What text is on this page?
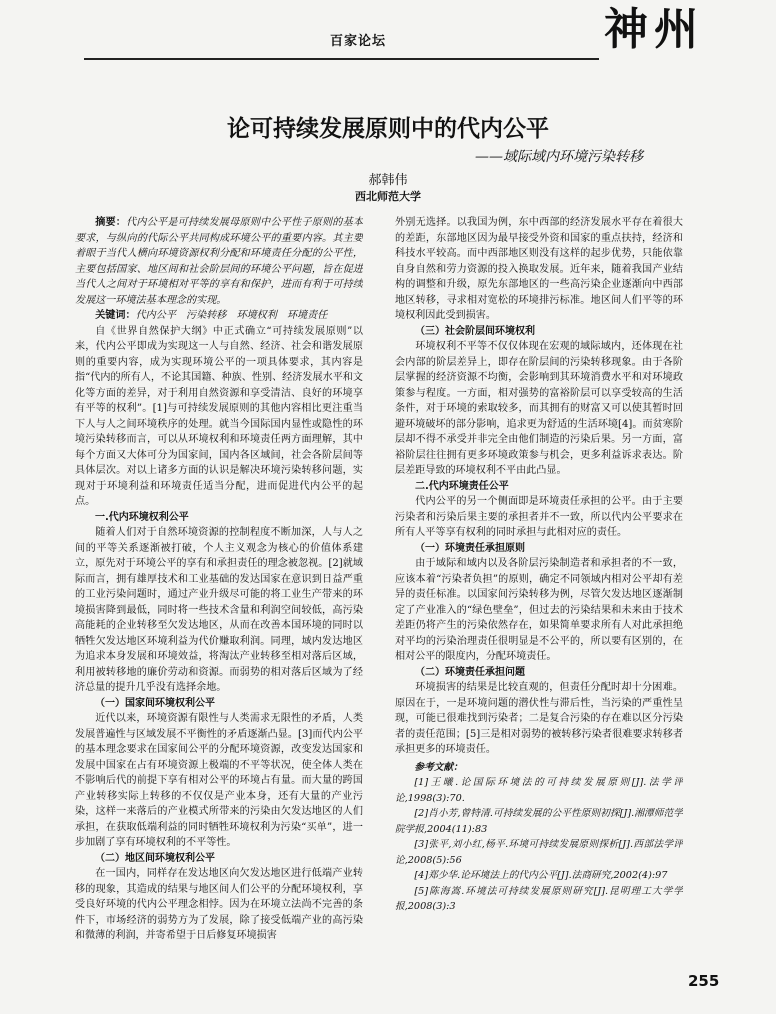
百家论坛	神州
论可持续发展原则中的代内公平
——域际域内环境污染转移
郝韩伟
西北师范大学

摘要：代内公平是可持续发展母原则中公平性子原则的基本要求，与纵向的代际公平共同构成环境公平的重要内容。其主要着眼于当代人横向环境资源权利分配和环境责任分配的公平性，主要包括国家、地区间和社会阶层间的环境公平问题，旨在促进当代人之间对于环境相对平等的享有和保护，进而有利于可持续发展这一环境法基本理念的实现。

关键词：代内公平　污染转移　环境权利　环境责任

自《世界自然保护大纲》中正式确立“可持续发展原则”以来，代内公平即成为实现这一人与自然、经济、社会和谐发展原则的重要内容，成为实现环境公平的一项具体要求，其内容是指“代内的所有人，不论其国籍、种族、性别、经济发展水平和文化等方面的差异，对于利用自然资源和享受清洁、良好的环境享有平等的权利”。[1]与可持续发展原则的其他内容相比更注重当下人与人之间环境秩序的处理。就当今国际国内显性或隐性的环境污染转移而言，可以从环境权利和环境责任两方面理解，其中每个方面又大体可分为国家间，国内各区域间，社会各阶层间等具体层次。对以上诸多方面的认识是解决环境污染转移问题，实现对于环境利益和环境责任适当分配，进而促进代内公平的起点。

一.代内环境权利公平

随着人们对于自然环境资源的控制程度不断加深，人与人之间的平等关系逐渐被打破，个人主义观念为核心的价值体系建立，原先对于环境公平的享有和承担责任的理念被忽视。[2]就域际而言，拥有雄厚技术和工业基础的发达国家在意识到日益严重的工业污染问题时，通过产业升级尽可能的将工业生产带来的环境损害降到最低，同时将一些技术含量和利润空间较低，高污染高能耗的企业转移至欠发达地区，从而在改善本国环境的同时以牺牲欠发达地区环境利益为代价赚取利润。同理，域内发达地区为追求本身发展和环境效益，将淘汰产业转移至相对落后区域，利用被转移地的廉价劳动和资源。而弱势的相对落后区域为了经济总量的提升几乎没有选择余地。

（一）国家间环境权利公平

近代以来，环境资源有限性与人类需求无限性的矛盾，人类发展普遍性与区域发展不平衡性的矛盾逐渐凸显。[3]而代内公平的基本理念要求在国家间公平的分配环境资源，改变发达国家和发展中国家在占有环境资源上极端的不平等状况，使全体人类在不影响后代的前提下享有相对公平的环境占有量。而大量的跨国产业转移实际上转移的不仅仅是产业本身，还有大量的产业污染，这样一来落后的产业模式所带来的污染由欠发达地区的人们承担，在获取低端利益的同时牺牲环境权利为污染“买单”，进一步加剧了享有环境权利的不平等性。

（二）地区间环境权利公平

在一国内，同样存在发达地区向欠发达地区进行低端产业转移的现象，其造成的结果与地区间人们公平的分配环境权利，享受良好环境的代内公平理念相悖。因为在环境立法尚不完善的条件下，市场经济的弱势方为了发展，除了接受低端产业的高污染和微薄的利润，并寄希望于日后修复环境损害

外别无选择。以我国为例，东中西部的经济发展水平存在着很大的差距，东部地区因为最早接受外资和国家的重点扶持，经济和科技水平较高。而中西部地区则没有这样的起步优势，只能依靠自身自然和劳力资源的投入换取发展。近年来，随着我国产业结构的调整和升级，原先东部地区的一些高污染企业逐渐向中西部地区转移，寻求相对宽松的环境排污标准。地区间人们平等的环境权利因此受到损害。

（三）社会阶层间环境权利

环境权利不平等不仅仅体现在宏观的域际域内，还体现在社会内部的阶层差异上，即存在阶层间的污染转移现象。由于各阶层掌握的经济资源不均衡，会影响到其环境消费水平和对环境政策参与程度。一方面，相对强势的富裕阶层可以享受较高的生活条件，对于环境的索取较多，而其拥有的财富又可以使其暂时回避环境破坏的部分影响，追求更为舒适的生活环境[4]。而贫寒阶层却不得不承受并非完全由他们制造的污染后果。另一方面，富裕阶层往往拥有更多环境政策参与机会，更多利益诉求表达。阶层差距导致的环境权利不平由此凸显。

二.代内环境责任公平

代内公平的另一个侧面即是环境责任承担的公平。由于主要污染者和污染后果主要的承担者并不一致，所以代内公平要求在所有人平等享有权利的同时承担与此相对应的责任。

（一）环境责任承担原则

由于域际和域内以及各阶层污染制造者和承担者的不一致，应该本着“污染者负担”的原则，确定不同领域内相对公平却有差异的责任标准。以国家间污染转移为例，尽管欠发达地区逐渐制定了产业准入的“绿色壁垒”，但过去的污染结果和未来由于技术差距仍将产生的污染依然存在，如果简单要求所有人对此承担绝对平均的污染治理责任很明显是不公平的，所以要有区别的，在相对公平的限度内，分配环境责任。

（二）环境责任承担问题

环境损害的结果是比较直观的，但责任分配时却十分困难。原因在于，一是环境问题的潜伏性与滞后性，当污染的严重性呈现，可能已很难找到污染者；二是复合污染的存在难以区分污染者的责任范围；[5]三是相对弱势的被转移污染者很难要求转移者承担更多的环境责任。

参考文献：

[1]王曦.论国际环境法的可持续发展原则[J].法学评论,1998(3):70.

[2]肖小芳,曾特清.可持续发展的公平性原则初探[J].湘潭师范学院学报,2004(11):83

[3]张平,刘小红,杨平.环境可持续发展原则探析[J].西部法学评论,2008(5):56

[4]郑少华.论环境法上的代内公平[J].法商研究,2002(4):97

[5]陈海嵩.环境法可持续发展原则研究[J].昆明理工大学学报,2008(3):3

255
